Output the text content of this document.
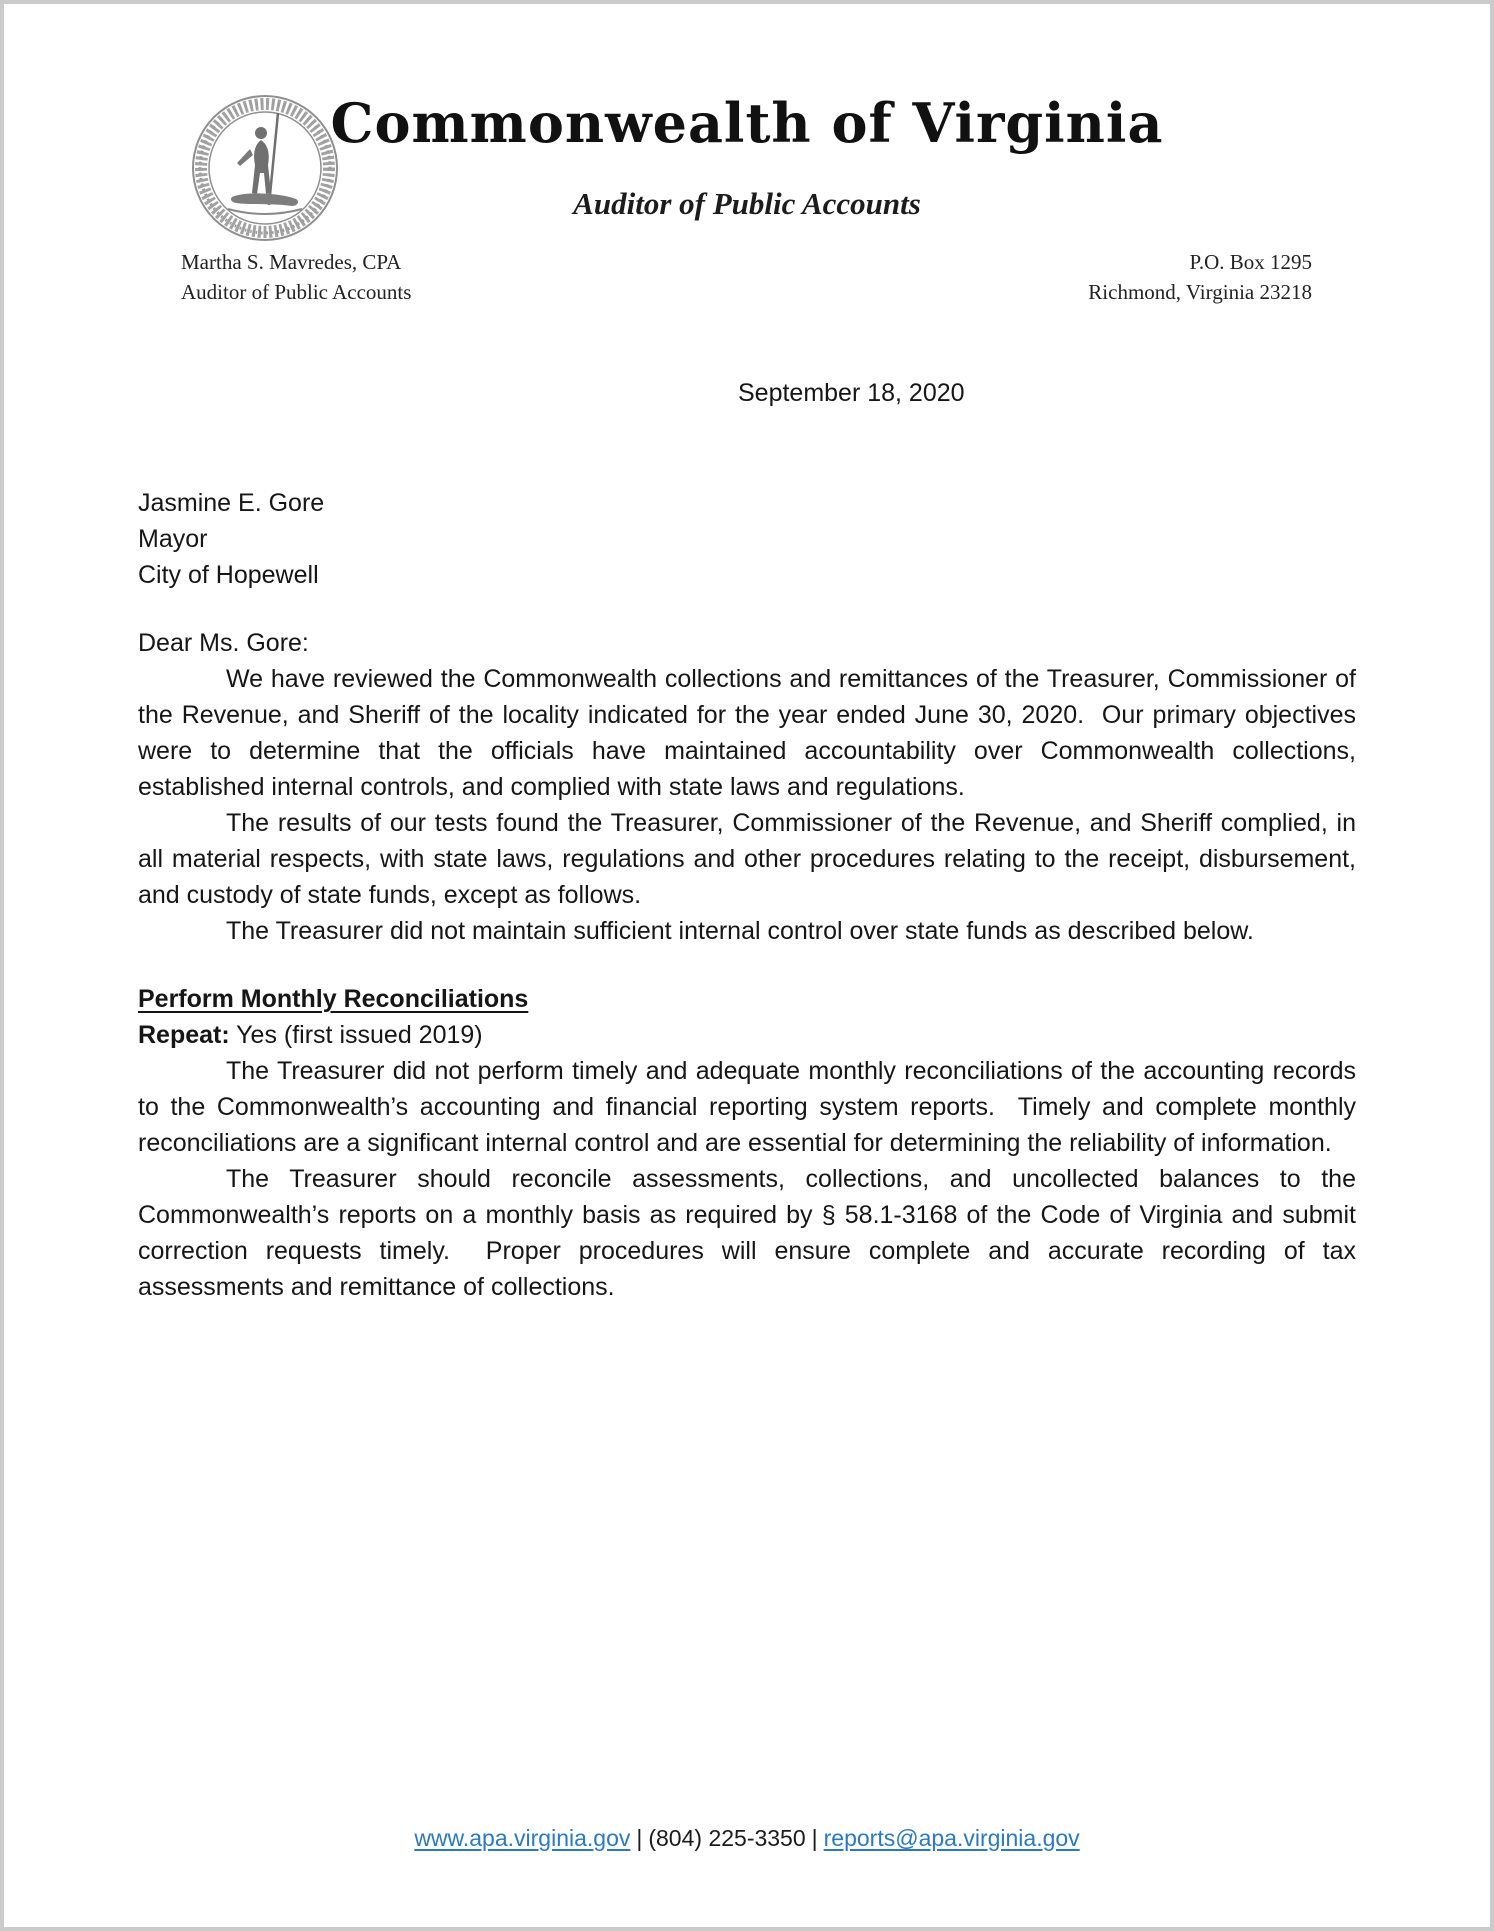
Commonwealth of Virginia
Auditor of Public Accounts
Martha S. Mavredes, CPA
Auditor of Public Accounts
P.O. Box 1295
Richmond, Virginia 23218
September 18, 2020
Jasmine E. Gore
Mayor
City of Hopewell
Dear Ms. Gore:

We have reviewed the Commonwealth collections and remittances of the Treasurer, Commissioner of the Revenue, and Sheriff of the locality indicated for the year ended June 30, 2020.  Our primary objectives were to determine that the officials have maintained accountability over Commonwealth collections, established internal controls, and complied with state laws and regulations.

The results of our tests found the Treasurer, Commissioner of the Revenue, and Sheriff complied, in all material respects, with state laws, regulations and other procedures relating to the receipt, disbursement, and custody of state funds, except as follows.

The Treasurer did not maintain sufficient internal control over state funds as described below.

Perform Monthly Reconciliations
Repeat: Yes (first issued 2019)

The Treasurer did not perform timely and adequate monthly reconciliations of the accounting records to the Commonwealth’s accounting and financial reporting system reports.  Timely and complete monthly reconciliations are a significant internal control and are essential for determining the reliability of information.

The Treasurer should reconcile assessments, collections, and uncollected balances to the Commonwealth’s reports on a monthly basis as required by § 58.1-3168 of the Code of Virginia and submit correction requests timely.  Proper procedures will ensure complete and accurate recording of tax assessments and remittance of collections.

www.apa.virginia.gov | (804) 225-3350 | reports@apa.virginia.gov
